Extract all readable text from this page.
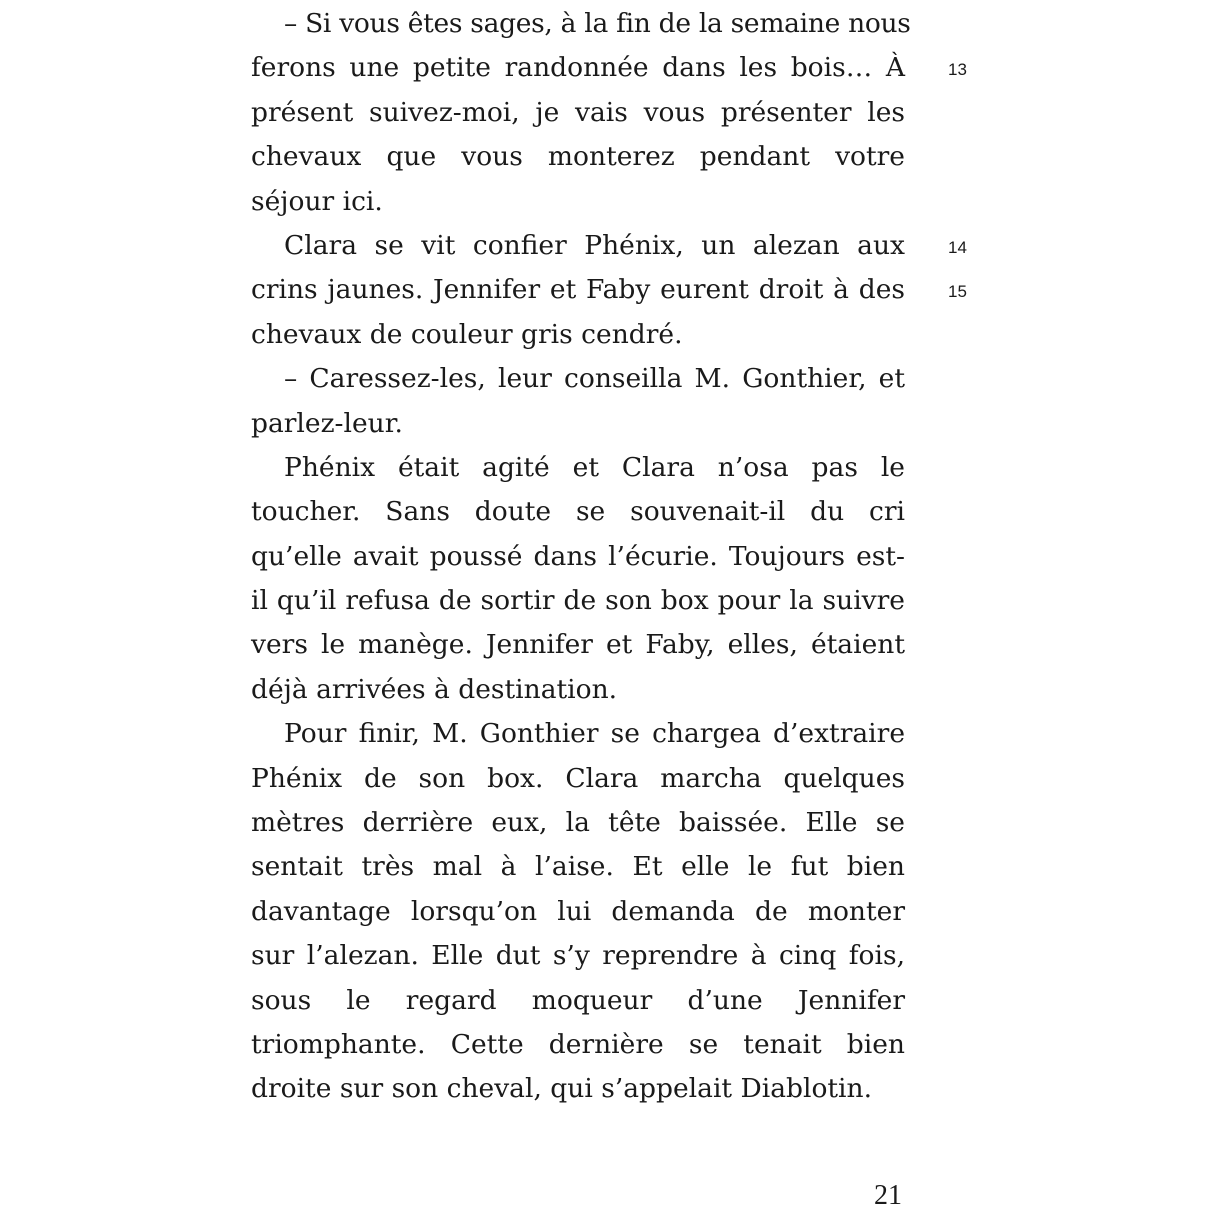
– Si vous êtes sages, à la fin de la semaine nous
ferons une petite randonnée dans les bois… À
présent suivez-moi, je vais vous présenter les
chevaux que vous monterez pendant votre
séjour ici.
Clara se vit confier Phénix, un alezan aux
crins jaunes. Jennifer et Faby eurent droit à des
chevaux de couleur gris cendré.
– Caressez-les, leur conseilla M. Gonthier, et
parlez-leur.
Phénix était agité et Clara n’osa pas le
toucher. Sans doute se souvenait-il du cri
qu’elle avait poussé dans l’écurie. Toujours est-
il qu’il refusa de sortir de son box pour la suivre
vers le manège. Jennifer et Faby, elles, étaient
déjà arrivées à destination.
Pour finir, M. Gonthier se chargea d’extraire
Phénix de son box. Clara marcha quelques
mètres derrière eux, la tête baissée. Elle se
sentait très mal à l’aise. Et elle le fut bien
davantage lorsqu’on lui demanda de monter
sur l’alezan. Elle dut s’y reprendre à cinq fois,
sous le regard moqueur d’une Jennifer
triomphante. Cette dernière se tenait bien
droite sur son cheval, qui s’appelait Diablotin.
13
14
15
21
